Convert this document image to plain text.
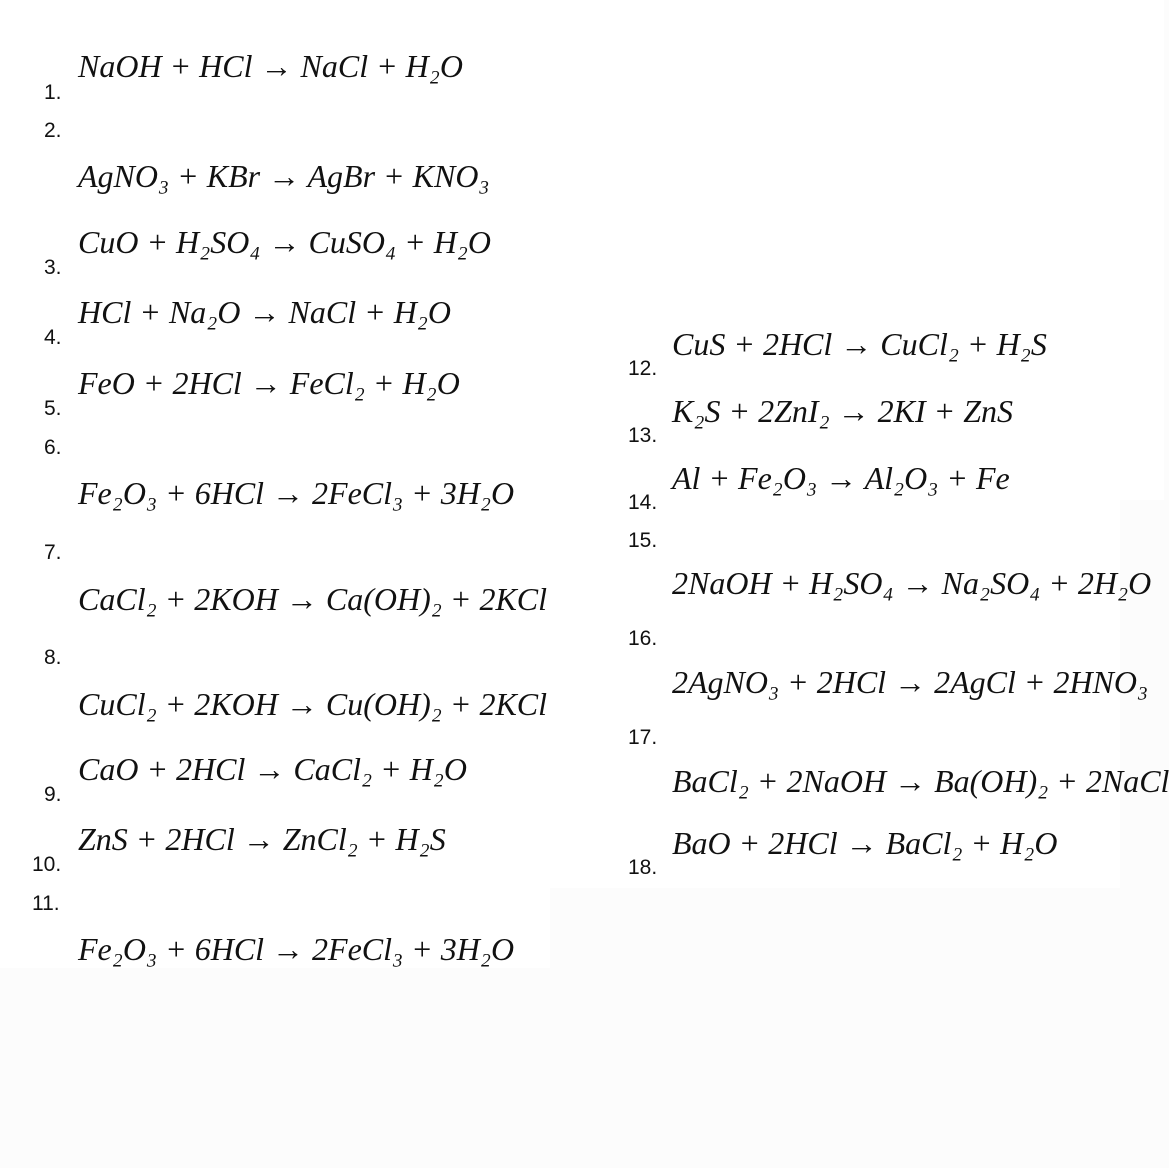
1.
NaOH + HCl → NaCl + H₂O
2.
AgNO₃ + KBr → AgBr + KNO₃
3.
CuO + H₂SO₄ → CuSO₄ + H₂O
4.
HCl + Na₂O → NaCl + H₂O
5.
FeO + 2HCl → FeCl₂ + H₂O
6.
Fe₂O₃ + 6HCl → 2FeCl₃ + 3H₂O
7.
CaCl₂ + 2KOH → Ca(OH)₂ + 2KCl
8.
CuCl₂ + 2KOH → Cu(OH)₂ + 2KCl
9.
CaO + 2HCl → CaCl₂ + H₂O
10.
ZnS + 2HCl → ZnCl₂ + H₂S
11.
Fe₂O₃ + 6HCl → 2FeCl₃ + 3H₂O
12.
CuS + 2HCl → CuCl₂ + H₂S
13.
K₂S + 2ZnI₂ → 2KI + ZnS
14.
Al + Fe₂O₃ → Al₂O₃ + Fe
15.
2NaOH + H₂SO₄ → Na₂SO₄ + 2H₂O
16.
2AgNO₃ + 2HCl → 2AgCl + 2HNO₃
17.
BaCl₂ + 2NaOH → Ba(OH)₂ + 2NaCl
18.
BaO + 2HCl → BaCl₂ + H₂O
